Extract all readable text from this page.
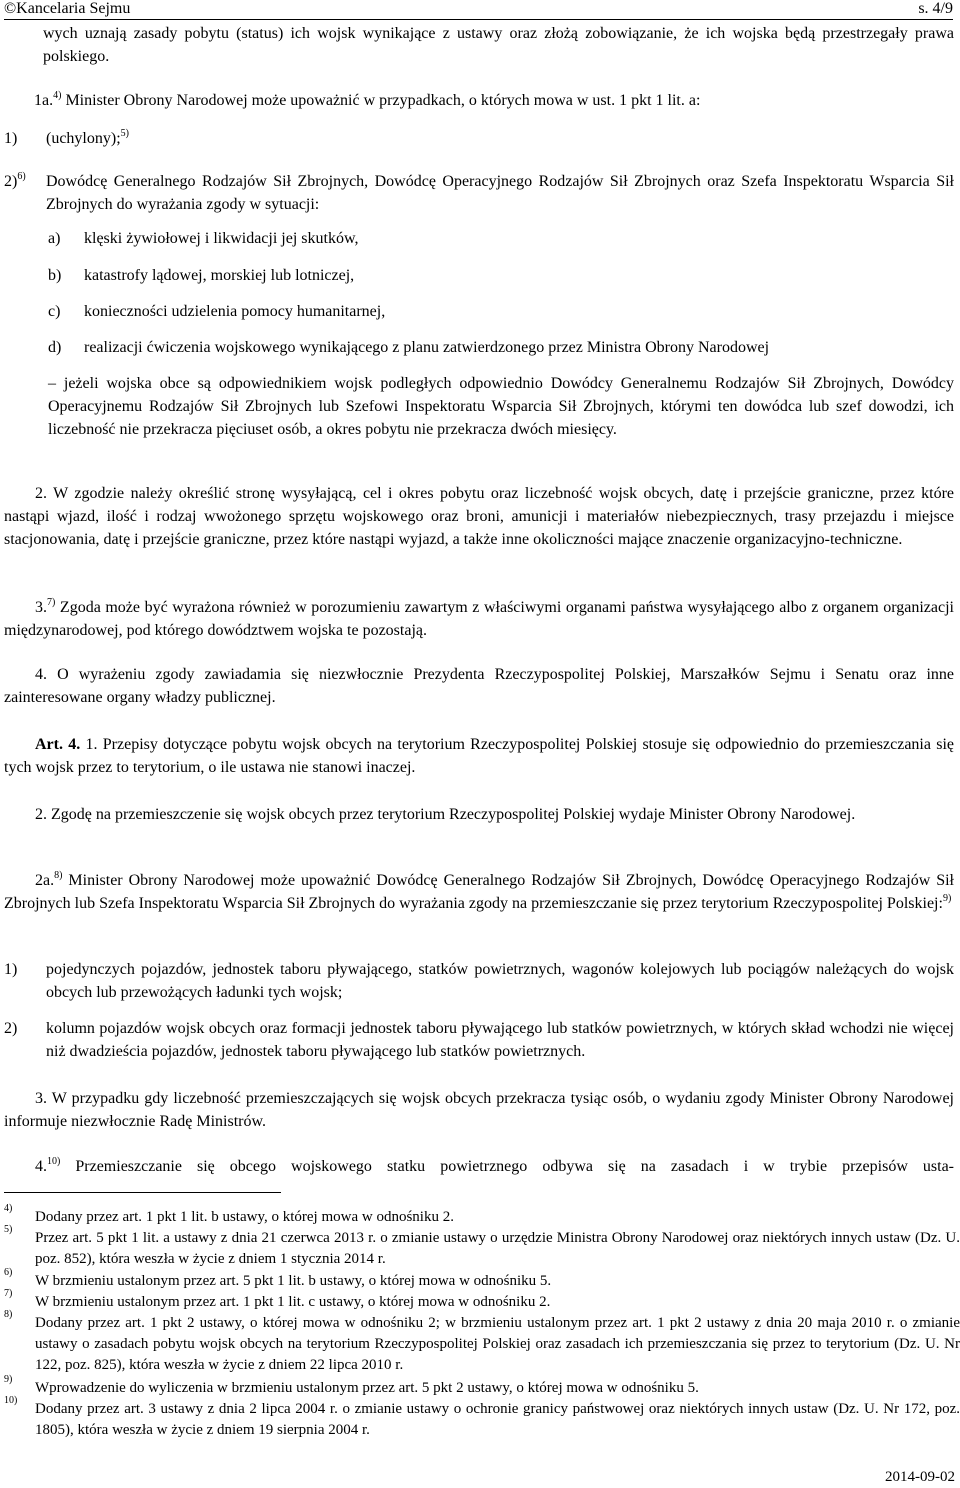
©Kancelaria Sejmu	s. 4/9

wych uznają zasady pobytu (status) ich wojsk wynikające z ustawy oraz złożą zobowiązanie, że ich wojska będą przestrzegały prawa polskiego.

1a.$^{4)}$ Minister Obrony Narodowej może upoważnić w przypadkach, o których mowa w ust. 1 pkt 1 lit. a:

1)	(uchylony);$^{5)}$

2)$^{6)}$	Dowódcę Generalnego Rodzajów Sił Zbrojnych, Dowódcę Operacyjnego Rodzajów Sił Zbrojnych oraz Szefa Inspektoratu Wsparcia Sił Zbrojnych do wyrażania zgody w sytuacji:

a)	klęski żywiołowej i likwidacji jej skutków,

b)	katastrofy lądowej, morskiej lub lotniczej,

c)	konieczności udzielenia pomocy humanitarnej,

d)	realizacji ćwiczenia wojskowego wynikającego z planu zatwierdzonego przez Ministra Obrony Narodowej

– jeżeli wojska obce są odpowiednikiem wojsk podległych odpowiednio Dowódcy Generalnemu Rodzajów Sił Zbrojnych, Dowódcy Operacyjnemu Rodzajów Sił Zbrojnych lub Szefowi Inspektoratu Wsparcia Sił Zbrojnych, którymi ten dowódca lub szef dowodzi, ich liczebność nie przekracza pięciuset osób, a okres pobytu nie przekracza dwóch miesięcy.

2. W zgodzie należy określić stronę wysyłającą, cel i okres pobytu oraz liczebność wojsk obcych, datę i przejście graniczne, przez które nastąpi wjazd, ilość i rodzaj wwożonego sprzętu wojskowego oraz broni, amunicji i materiałów niebezpiecznych, trasy przejazdu i miejsce stacjonowania, datę i przejście graniczne, przez które nastąpi wyjazd, a także inne okoliczności mające znaczenie organizacyjno-techniczne.

3.$^{7)}$ Zgoda może być wyrażona również w porozumieniu zawartym z właściwymi organami państwa wysyłającego albo z organem organizacji międzynarodowej, pod którego dowództwem wojska te pozostają.

4. O wyrażeniu zgody zawiadamia się niezwłocznie Prezydenta Rzeczypospolitej Polskiej, Marszałków Sejmu i Senatu oraz inne zainteresowane organy władzy publicznej.

Art. 4. 1. Przepisy dotyczące pobytu wojsk obcych na terytorium Rzeczypospolitej Polskiej stosuje się odpowiednio do przemieszczania się tych wojsk przez to terytorium, o ile ustawa nie stanowi inaczej.

2. Zgodę na przemieszczenie się wojsk obcych przez terytorium Rzeczypospolitej Polskiej wydaje Minister Obrony Narodowej.

2a.$^{8)}$ Minister Obrony Narodowej może upoważnić Dowódcę Generalnego Rodzajów Sił Zbrojnych, Dowódcę Operacyjnego Rodzajów Sił Zbrojnych lub Szefa Inspektoratu Wsparcia Sił Zbrojnych do wyrażania zgody na przemieszczanie się przez terytorium Rzeczypospolitej Polskiej:$^{9)}$

1)	pojedynczych pojazdów, jednostek taboru pływającego, statków powietrznych, wagonów kolejowych lub pociągów należących do wojsk obcych lub przewożących ładunki tych wojsk;

2)	kolumn pojazdów wojsk obcych oraz formacji jednostek taboru pływającego lub statków powietrznych, w których skład wchodzi nie więcej niż dwadzieścia pojazdów, jednostek taboru pływającego lub statków powietrznych.

3. W przypadku gdy liczebność przemieszczających się wojsk obcych przekracza tysiąc osób, o wydaniu zgody Minister Obrony Narodowej informuje niezwłocznie Radę Ministrów.

4.$^{10)}$ Przemieszczanie się obcego wojskowego statku powietrznego odbywa się na zasadach i w trybie przepisów usta-

4)
Dodany przez art. 1 pkt 1 lit. b ustawy, o której mowa w odnośniku 2.
5)
Przez art. 5 pkt 1 lit. a ustawy z dnia 21 czerwca 2013 r. o zmianie ustawy o urzędzie Ministra Obrony Narodowej oraz niektórych innych ustaw (Dz. U. poz. 852), która weszła w życie z dniem 1 stycznia 2014 r.
6)
W brzmieniu ustalonym przez art. 5 pkt 1 lit. b ustawy, o której mowa w odnośniku 5.
7)
W brzmieniu ustalonym przez art. 1 pkt 1 lit. c ustawy, o której mowa w odnośniku 2.
8)
Dodany przez art. 1 pkt 2 ustawy, o której mowa w odnośniku 2; w brzmieniu ustalonym przez art. 1 pkt 2 ustawy z dnia 20 maja 2010 r. o zmianie ustawy o zasadach pobytu wojsk obcych na terytorium Rzeczypospolitej Polskiej oraz zasadach ich przemieszczania się przez to terytorium (Dz. U. Nr 122, poz. 825), która weszła w życie z dniem 22 lipca 2010 r.
9)
Wprowadzenie do wyliczenia w brzmieniu ustalonym przez art. 5 pkt 2 ustawy, o której mowa w odnośniku 5.
10)
Dodany przez art. 3 ustawy z dnia 2 lipca 2004 r. o zmianie ustawy o ochronie granicy państwowej oraz niektórych innych ustaw (Dz. U. Nr 172, poz. 1805), która weszła w życie z dniem 19 sierpnia 2004 r.
2014-09-02
